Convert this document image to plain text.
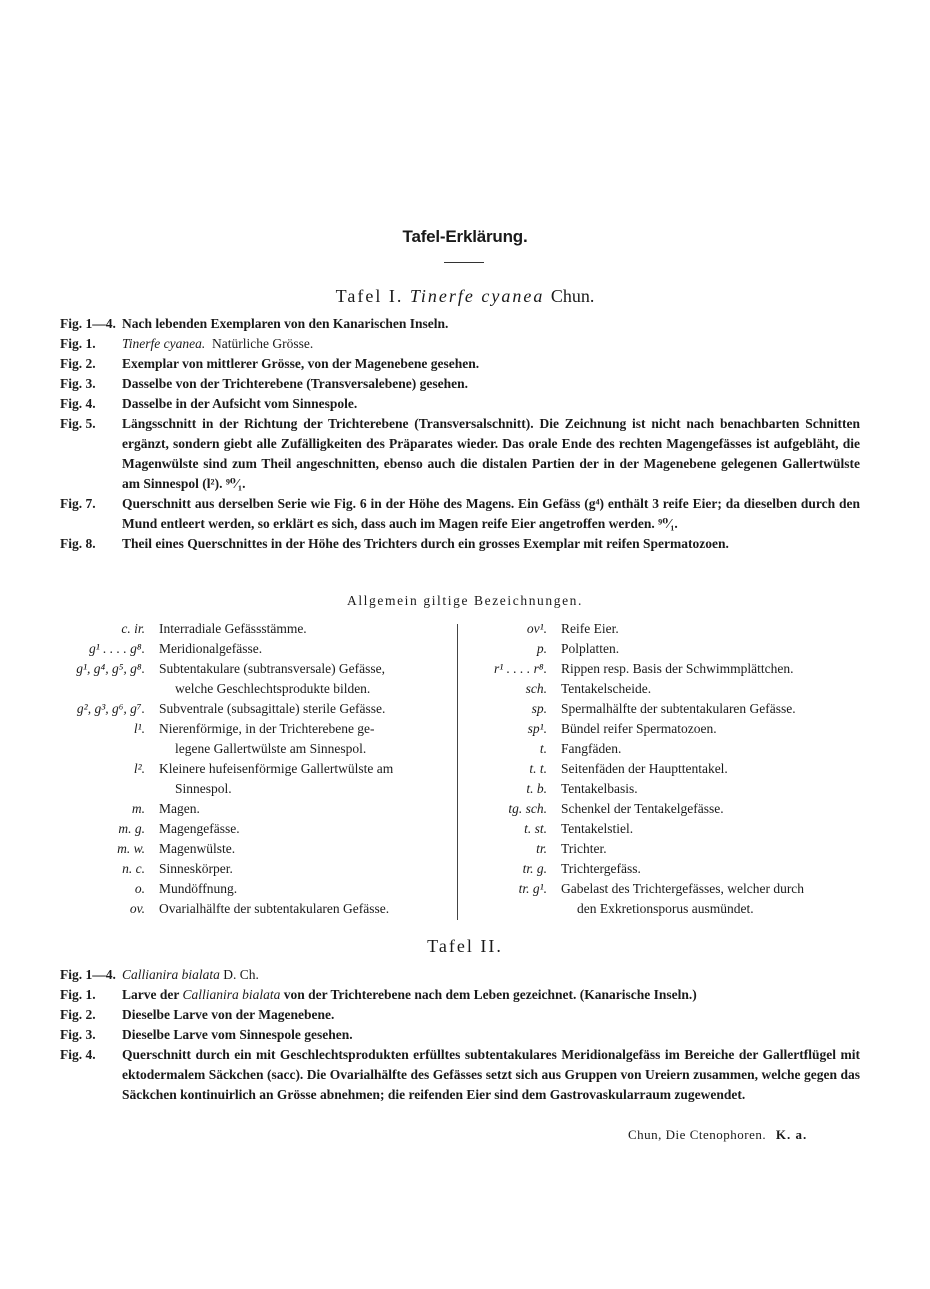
Tafel-Erklärung.
Tafel I. Tinerfe cyanea Chun.
Fig. 1—4. Nach lebenden Exemplaren von den Kanarischen Inseln.
Fig. 1.	Tinerfe cyanea. Natürliche Grösse.
Fig. 2.	Exemplar von mittlerer Grösse, von der Magenebene gesehen.
Fig. 3.	Dasselbe von der Trichterebene (Transversalebene) gesehen.
Fig. 4.	Dasselbe in der Aufsicht vom Sinnespole.
Fig. 5.	Längsschnitt in der Richtung der Trichterebene (Transversalschnitt). Die Zeichnung ist nicht nach benachbarten Schnitten ergänzt, sondern giebt alle Zufälligkeiten des Präparates wieder. Das orale Ende des rechten Magengefässes ist aufgebläht, die Magenwülste sind zum Theil angeschnitten, ebenso auch die distalen Partien der in der Magenebene gelegenen Gallertwülste am Sinnespol (l²). ⁹⁰⁄₁.
Fig. 7.	Querschnitt aus derselben Serie wie Fig. 6 in der Höhe des Magens. Ein Gefäss (g⁴) enthält 3 reife Eier; da dieselben durch den Mund entleert werden, so erklärt es sich, dass auch im Magen reife Eier angetroffen werden. ⁹⁰⁄₁.
Fig. 8.	Theil eines Querschnittes in der Höhe des Trichters durch ein grosses Exemplar mit reifen Spermatozoen.
Allgemein giltige Bezeichnungen.
c. ir.	Interradiale Gefässstämme.
g¹ . . . . g⁸.	Meridionalgefässe.
g¹, g⁴, g⁵, g⁸.	Subtentakulare (subtransversale) Gefässe,
welche Geschlechtsprodukte bilden.
g², g³, g⁶, g⁷.	Subventrale (subsagittale) sterile Gefässe.
l¹.	Nierenförmige, in der Trichterebene ge-
legene Gallertwülste am Sinnespol.
l².	Kleinere hufeisenförmige Gallertwülste am
Sinnespol.
m.	Magen.
m. g.	Magengefässe.
m. w.	Magenwülste.
n. c.	Sinneskörper.
o.	Mundöffnung.
ov.	Ovarialhälfte der subtentakularen Gefässe.
ov¹.	Reife Eier.
p.	Polplatten.
r¹ . . . . r⁸.	Rippen resp. Basis der Schwimmplättchen.
sch.	Tentakelscheide.
sp.	Spermalhälfte der subtentakularen Gefässe.
sp¹.	Bündel reifer Spermatozoen.
t.	Fangfäden.
t. t.	Seitenfäden der Haupttentakel.
t. b.	Tentakelbasis.
tg. sch.	Schenkel der Tentakelgefässe.
t. st.	Tentakelstiel.
tr.	Trichter.
tr. g.	Trichtergefäss.
tr. g¹.	Gabelast des Trichtergefässes, welcher durch
den Exkretionsporus ausmündet.
Tafel II.
Fig. 1—4. Callianira bialata D. Ch.
Fig. 1.	Larve der Callianira bialata von der Trichterebene nach dem Leben gezeichnet. (Kanarische Inseln.)
Fig. 2.	Dieselbe Larve von der Magenebene.
Fig. 3.	Dieselbe Larve vom Sinnespole gesehen.
Fig. 4.	Querschnitt durch ein mit Geschlechtsprodukten erfülltes subtentakulares Meridionalgefäss im Bereiche der Gallertflügel mit ektodermalem Säckchen (sacc). Die Ovarialhälfte des Gefässes setzt sich aus Gruppen von Ureiern zusammen, welche gegen das Säckchen kontinuirlich an Grösse abnehmen; die reifenden Eier sind dem Gastrovaskularraum zugewendet.
Chun, Die Ctenophoren. K. a.
